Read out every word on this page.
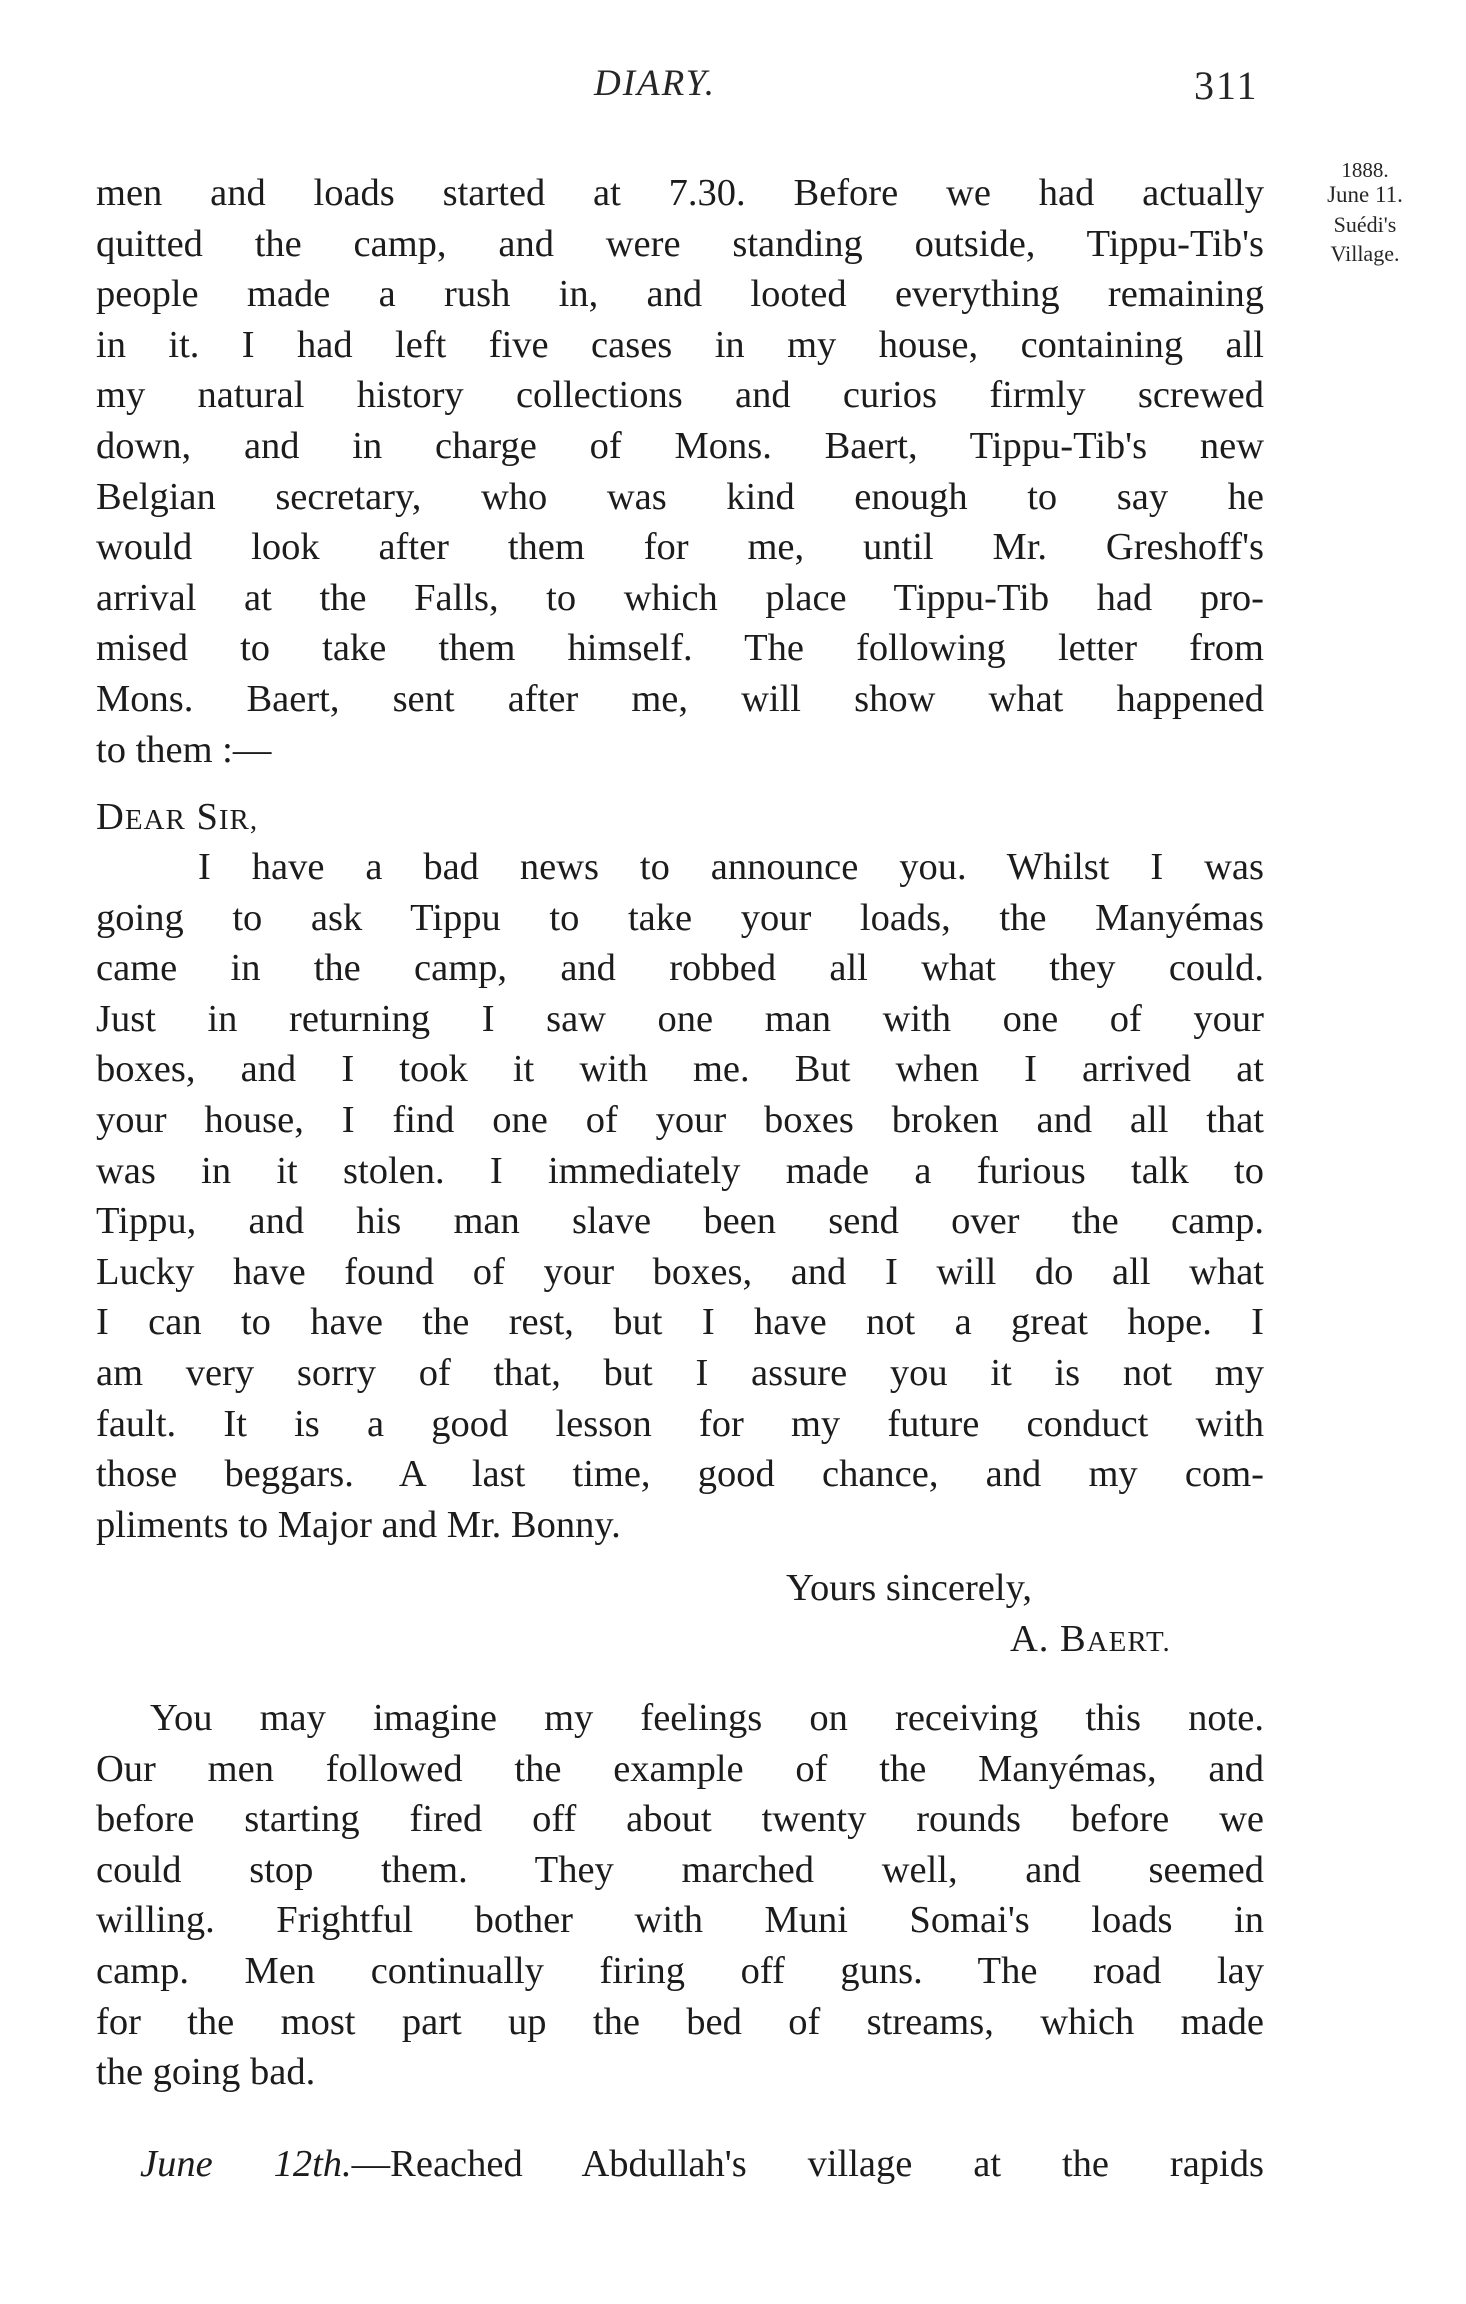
DIARY.	311
1888.
June 11.
Suédi's
Village.
men and loads started at 7.30. Before we had actually
quitted the camp, and were standing outside, Tippu-Tib's
people made a rush in, and looted everything remaining
in it. I had left five cases in my house, containing all
my natural history collections and curios firmly screwed
down, and in charge of Mons. Baert, Tippu-Tib's new
Belgian secretary, who was kind enough to say he
would look after them for me, until Mr. Greshoff's
arrival at the Falls, to which place Tippu-Tib had pro-
mised to take them himself. The following letter from
Mons. Baert, sent after me, will show what happened
to them :—
DEAR SIR,
I have a bad news to announce you. Whilst I was
going to ask Tippu to take your loads, the Manyémas
came in the camp, and robbed all what they could.
Just in returning I saw one man with one of your
boxes, and I took it with me. But when I arrived at
your house, I find one of your boxes broken and all that
was in it stolen. I immediately made a furious talk to
Tippu, and his man slave been send over the camp.
Lucky have found of your boxes, and I will do all what
I can to have the rest, but I have not a great hope. I
am very sorry of that, but I assure you it is not my
fault. It is a good lesson for my future conduct with
those beggars. A last time, good chance, and my com-
pliments to Major and Mr. Bonny.
Yours sincerely,
A. BAERT.
You may imagine my feelings on receiving this note.
Our men followed the example of the Manyémas, and
before starting fired off about twenty rounds before we
could stop them. They marched well, and seemed
willing. Frightful bother with Muni Somai's loads in
camp. Men continually firing off guns. The road lay
for the most part up the bed of streams, which made
the going bad.
June 12th.—Reached Abdullah's village at the rapids
